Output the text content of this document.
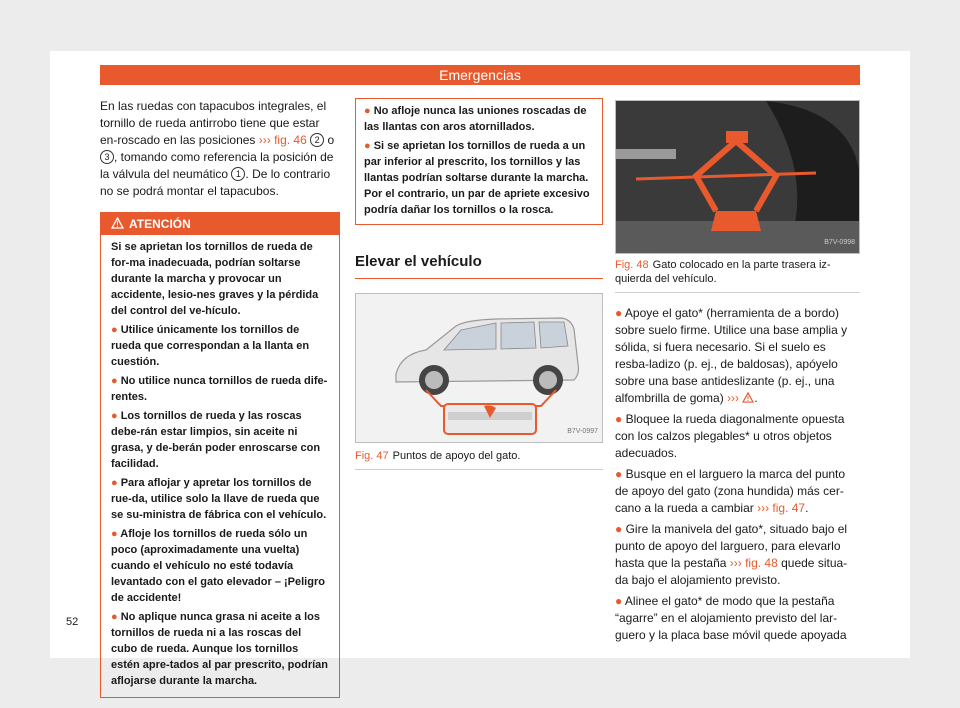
Emergencias

En las ruedas con tapacubos integrales, el tornillo de rueda antirrobo tiene que estar en-roscado en las posiciones ››› fig. 46 2 o 3 , tomando como referencia la posición de la válvula del neumático 1 . De lo contrario no se podrá montar el tapacubos.

ATENCIÓN

Si se aprietan los tornillos de rueda de for-ma inadecuada, podrían soltarse durante la marcha y provocar un accidente, lesio-nes graves y la pérdida del control del ve-hículo.

● Utilice únicamente los tornillos de rueda que correspondan a la llanta en cuestión.

● No utilice nunca tornillos de rueda dife-rentes.

● Los tornillos de rueda y las roscas debe-rán estar limpios, sin aceite ni grasa, y de-berán poder enroscarse con facilidad.

● Para aflojar y apretar los tornillos de rue-da, utilice solo la llave de rueda que se su-ministra de fábrica con el vehículo.

● Afloje los tornillos de rueda sólo un poco (aproximadamente una vuelta) cuando el vehículo no esté todavía levantado con el gato elevador – ¡Peligro de accidente!

● No aplique nunca grasa ni aceite a los tornillos de rueda ni a las roscas del cubo de rueda. Aunque los tornillos estén apre-tados al par prescrito, podrían aflojarse durante la marcha.

● No afloje nunca las uniones roscadas de las llantas con aros atornillados.

● Si se aprietan los tornillos de rueda a un par inferior al prescrito, los tornillos y las llantas podrían soltarse durante la marcha. Por el contrario, un par de apriete excesivo podría dañar los tornillos o la rosca.

Elevar el vehículo
B7V-0997
Fig. 47 Puntos de apoyo del gato.
B7V-0998
Fig. 48 Gato colocado en la parte trasera iz-quierda del vehículo.

● Apoye el gato* (herramienta de a bordo) sobre suelo firme. Utilice una base amplia y sólida, si fuera necesario. Si el suelo es resba-ladizo (p. ej., de baldosas), apóyelo sobre una base antideslizante (p. ej., una alfombrilla de goma) ››› .

● Bloquee la rueda diagonalmente opuesta con los calzos plegables* u otros objetos adecuados.

● Busque en el larguero la marca del punto de apoyo del gato (zona hundida) más cer-cano a la rueda a cambiar ››› fig. 47.

● Gire la manivela del gato*, situado bajo el punto de apoyo del larguero, para elevarlo hasta que la pestaña ››› fig. 48 quede situa-da bajo el alojamiento previsto.

● Alinee el gato* de modo que la pestaña “agarre” en el alojamiento previsto del lar-guero y la placa base móvil quede apoyada

52
